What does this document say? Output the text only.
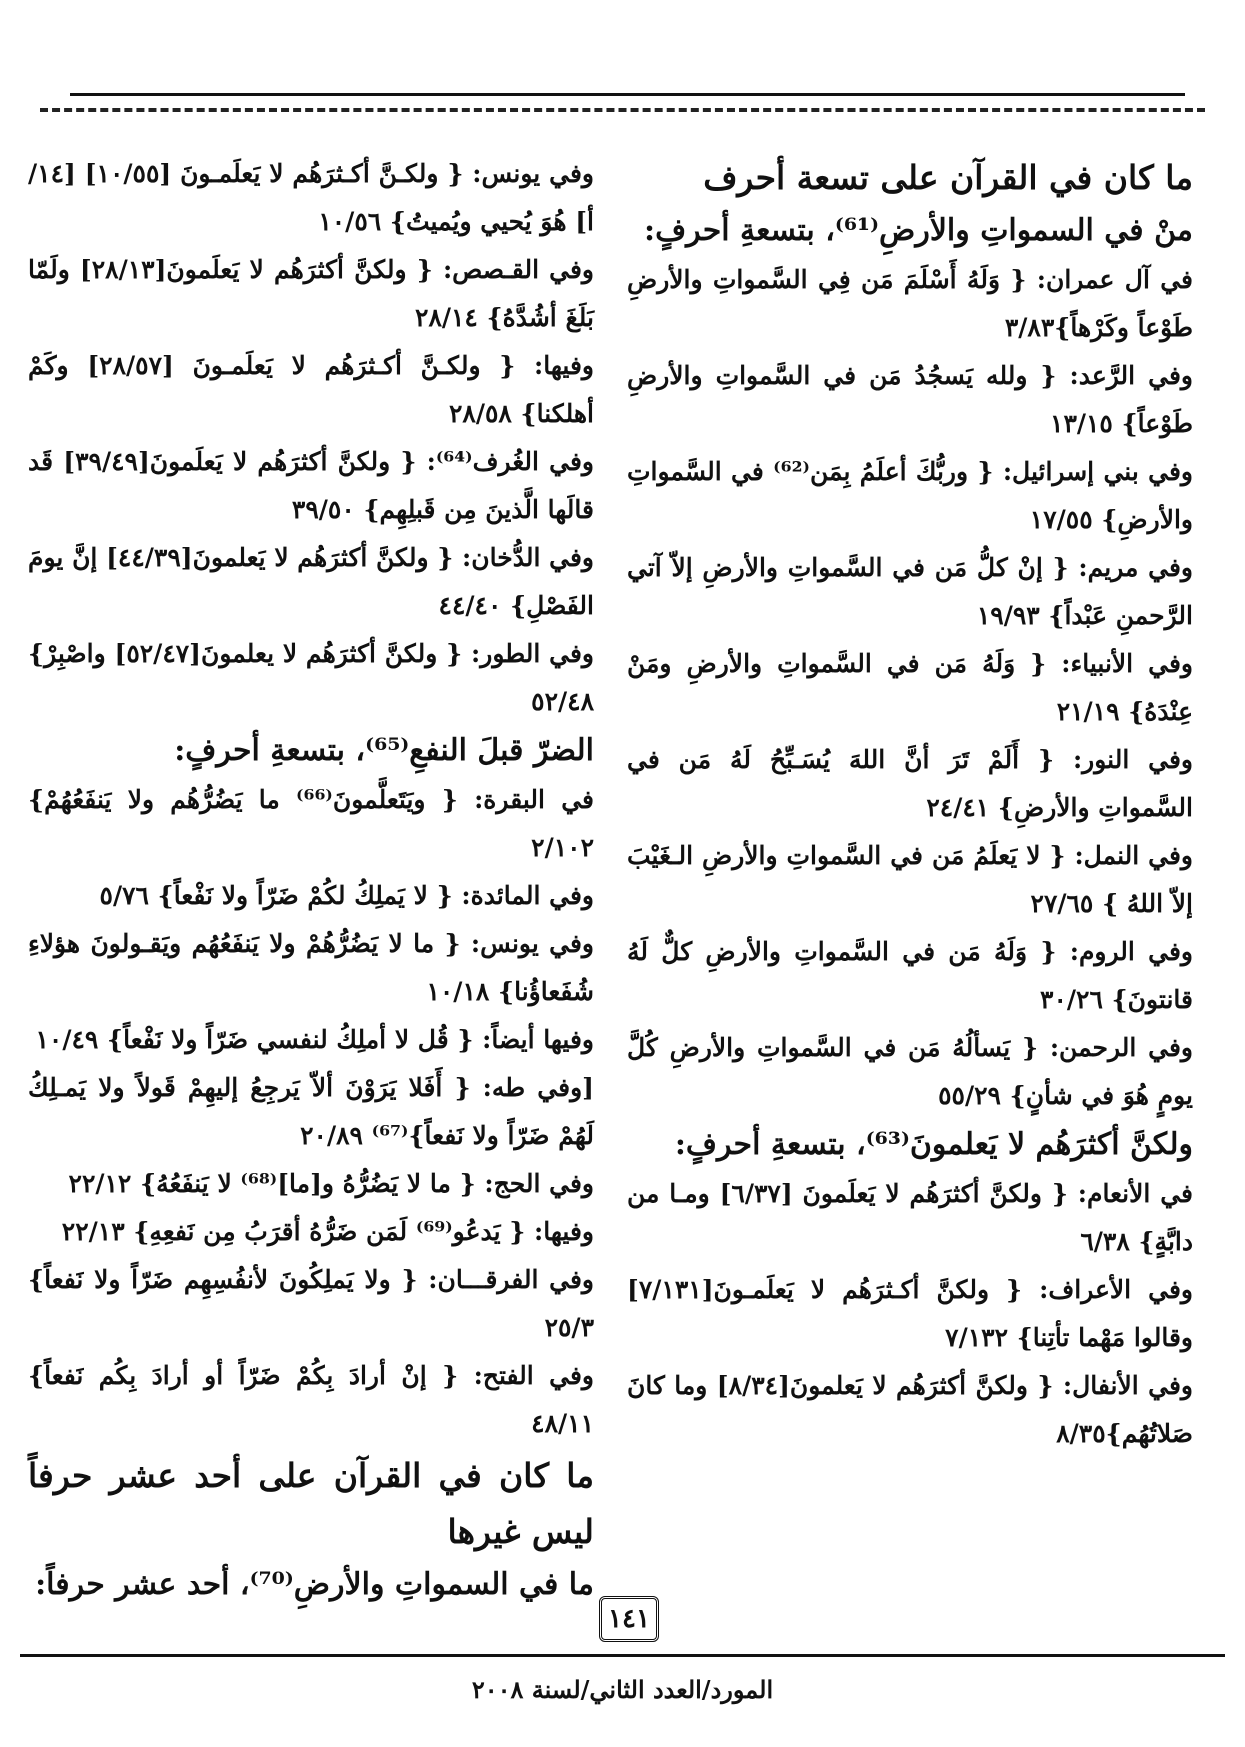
ما كان في القرآن على تسعة أحرف

منْ في السمواتِ والأرضِ⁽⁶¹⁾، بتسعةِ أحرفٍ:

في آل عمران: { وَلَهُ أَسْلَمَ مَن فِي السَّمواتِ والأرضِ طَوْعاً وكَرْهاً}٣/٨٣

وفي الرَّعد: { ولله يَسجُدُ مَن في السَّمواتِ والأرضِ طَوْعاً} ١٣/١٥

وفي بني إسرائيل: { وربُّكَ أعلَمُ بِمَن⁽⁶²⁾ في السَّمواتِ والأرضِ} ١٧/٥٥

وفي مريم: { إنْ كلُّ مَن في السَّمواتِ والأرضِ إلاّ آتي الرَّحمنِ عَبْداً} ١٩/٩٣

وفي الأنبياء: { وَلَهُ مَن في السَّمواتِ والأرضِ ومَنْ عِنْدَهُ} ٢١/١٩

وفي النور: { أَلَمْ تَرَ أنَّ اللهَ يُسَـبِّحُ لَهُ مَن في السَّمواتِ والأرضِ} ٢٤/٤١

وفي النمل: { لا يَعلَمُ مَن في السَّمواتِ والأرضِ الـغَيْبَ إلاّ اللهُ } ٢٧/٦٥

وفي الروم: { وَلَهُ مَن في السَّمواتِ والأرضِ كلٌّ لَهُ قانتونَ} ٣٠/٢٦

وفي الرحمن: { يَسألُهُ مَن في السَّمواتِ والأرضِ كُلَّ يومٍ هُوَ في شأنٍ} ٥٥/٢٩

ولكنَّ أكثرَهُم لا يَعلمونَ⁽⁶³⁾، بتسعةِ أحرفٍ:

في الأنعام: { ولكنَّ أكثرَهُم لا يَعلَمونَ [٦/٣٧] ومـا من دابَّةٍ} ٦/٣٨

وفي الأعراف: { ولكنَّ أكـثرَهُم لا يَعلَمـونَ[٧/١٣١] وقالوا مَهْما تأتِنا} ٧/١٣٢

وفي الأنفال: { ولكنَّ أكثرَهُم لا يَعلمونَ[٨/٣٤] وما كانَ صَلاتُهُم}٨/٣٥

وفي يونس: { ولكـنَّ أكـثرَهُم لا يَعلَمـونَ [١٠/٥٥] [١٤/أ] هُوَ يُحيي ويُميتُ} ١٠/٥٦

وفي القـصص: { ولكنَّ أكثرَهُم لا يَعلَمونَ[٢٨/١٣] ولَمّا بَلَغَ أشُدَّهُ} ٢٨/١٤

وفيها: { ولكـنَّ أكـثرَهُم لا يَعلَمـونَ [٢٨/٥٧] وكَمْ أهلكنا} ٢٨/٥٨

وفي الغُرف⁽⁶⁴⁾: { ولكنَّ أكثرَهُم لا يَعلَمونَ[٣٩/٤٩] قَد قالَها الَّذينَ مِن قَبلِهِم} ٣٩/٥٠

وفي الدُّخان: { ولكنَّ أكثرَهُم لا يَعلمونَ[٤٤/٣٩] إنَّ يومَ الفَصْلِ} ٤٤/٤٠

وفي الطور: { ولكنَّ أكثرَهُم لا يعلمونَ[٥٢/٤٧] واصْبِرْ} ٥٢/٤٨

الضرّ قبلَ النفعِ⁽⁶⁵⁾، بتسعةِ أحرفٍ:

في البقرة: { ويَتَعلَّمونَ⁽⁶⁶⁾ ما يَضُرُّهُم ولا يَنفَعُهُمْ} ٢/١٠٢

وفي المائدة: { لا يَملِكُ لكُمْ ضَرّاً ولا نَفْعاً} ٥/٧٦

وفي يونس: { ما لا يَضُرُّهُمْ ولا يَنفَعُهُم ويَقـولونَ هؤلاءِ شُفَعاؤُنا} ١٠/١٨

وفيها أيضاً: { قُل لا أملِكُ لنفسي ضَرّاً ولا نَفْعاً} ١٠/٤٩

[وفي طه: { أَفَلا يَرَوْنَ ألاّ يَرجِعُ إليهِمْ قَولاً ولا يَمـلِكُ لَهُمْ ضَرّاً ولا نَفعاً}⁽⁶⁷⁾ ٢٠/٨٩

وفي الحج: { ما لا يَضُرُّهُ و[ما]⁽⁶⁸⁾ لا يَنفَعُهُ} ٢٢/١٢

وفيها: { يَدعُو⁽⁶⁹⁾ لَمَن ضَرُّهُ أقرَبُ مِن نَفعِهِ} ٢٢/١٣

وفي الفرقـــان: { ولا يَملِكُونَ لأنفُسِهِم ضَرّاً ولا نَفعاً} ٢٥/٣

وفي الفتح: { إنْ أرادَ بِكُمْ ضَرّاً أو أرادَ بِكُم نَفعاً} ٤٨/١١

ما كان في القرآن على أحد عشر حرفاً ليس غيرها

ما في السمواتِ والأرضِ⁽⁷⁰⁾، أحد عشر حرفاً:

١٤١
المورد/العدد الثاني/لسنة ٢٠٠٨
